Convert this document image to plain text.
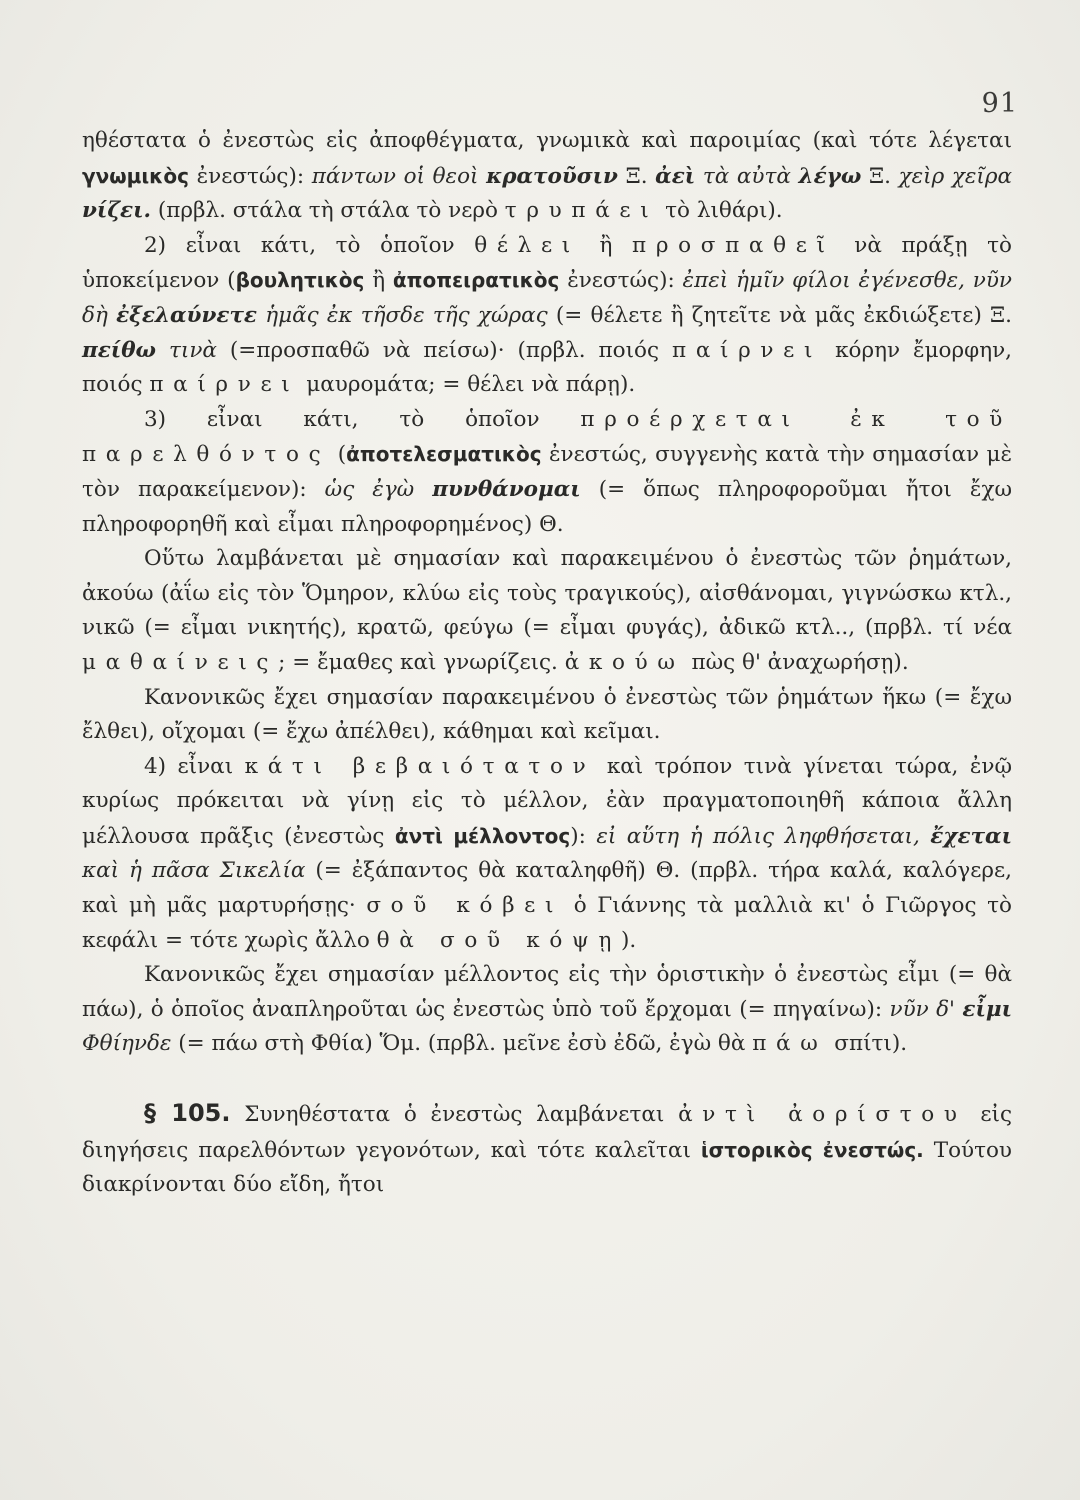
91

ηθέστατα ὁ ἐνεστὼς εἰς ἀποφθέγματα, γνωμικὰ καὶ παροιμίας (καὶ τότε λέγεται γνωμικὸς ἐνεστώς): πάντων οἱ θεοὶ κρατοῦσιν Ξ. ἀεὶ τὰ αὐτὰ λέγω Ξ. χεὶρ χεῖρα νίζει. (πρβλ. στάλα τὴ στάλα τὸ νερὸ τρυπάει τὸ λιθάρι).

2) εἶναι κάτι, τὸ ὁποῖον θέλει ἢ προσπαθεῖ νὰ πράξῃ τὸ ὑποκείμενον (βουλητικὸς ἢ ἀποπειρατικὸς ἐνεστώς): ἐπεὶ ἡμῖν φίλοι ἐγένεσθε, νῦν δὴ ἐξελαύνετε ἡμᾶς ἐκ τῆσδε τῆς χώρας (= θέλετε ἢ ζητεῖτε νὰ μᾶς ἐκδιώξετε) Ξ. πείθω τινὰ (=προσπαθῶ νὰ πείσω)· (πρβλ. ποιός παίρνει κόρην ἔμορφην, ποιός παίρνει μαυρομάτα; = θέλει νὰ πάρῃ).

3) εἶναι κάτι, τὸ ὁποῖον προέρχεται ἐκ τοῦ παρελθόντος (ἀποτελεσματικὸς ἐνεστώς, συγγενὴς κατὰ τὴν σημασίαν μὲ τὸν παρακείμενον): ὡς ἐγὼ πυνθάνομαι (= ὅπως πληροφοροῦμαι ἤτοι ἔχω πληροφορηθῆ καὶ εἶμαι πληροφορημένος) Θ.

Οὕτω λαμβάνεται μὲ σημασίαν καὶ παρακειμένου ὁ ἐνεστὼς τῶν ῥημάτων, ἀκούω (ἀΐω εἰς τὸν Ὅμηρον, κλύω εἰς τοὺς τραγικούς), αἰσθάνομαι, γιγνώσκω κτλ., νικῶ (= εἶμαι νικητής), κρατῶ, φεύγω (= εἶμαι φυγάς), ἀδικῶ κτλ.., (πρβλ. τί νέα μαθαίνεις; = ἔμαθες καὶ γνωρίζεις. ἀκούω πὼς θ' ἀναχωρήσῃ).

Κανονικῶς ἔχει σημασίαν παρακειμένου ὁ ἐνεστὼς τῶν ῥημάτων ἥκω (= ἔχω ἔλθει), οἴχομαι (= ἔχω ἀπέλθει), κάθημαι καὶ κεῖμαι.

4) εἶναι κάτι βεβαιότατον καὶ τρόπον τινὰ γίνεται τώρα, ἐνῷ κυρίως πρόκειται νὰ γίνῃ εἰς τὸ μέλλον, ἐὰν πραγματοποιηθῆ κάποια ἄλλη μέλλουσα πρᾶξις (ἐνεστὼς ἀντὶ μέλλοντος): εἰ αὕτη ἡ πόλις ληφθήσεται, ἔχεται καὶ ἡ πᾶσα Σικελία (= ἐξάπαντος θὰ καταληφθῆ) Θ. (πρβλ. τήρα καλά, καλόγερε, καὶ μὴ μᾶς μαρτυρήσῃς· σοῦ κόβει ὁ Γιάννης τὰ μαλλιὰ κι' ὁ Γιῶργος τὸ κεφάλι = τότε χωρὶς ἄλλο θὰ σοῦ κόψῃ).

Κανονικῶς ἔχει σημασίαν μέλλοντος εἰς τὴν ὁριστικὴν ὁ ἐνεστὼς εἶμι (= θὰ πάω), ὁ ὁποῖος ἀναπληροῦται ὡς ἐνεστὼς ὑπὸ τοῦ ἔρχομαι (= πηγαίνω): νῦν δ' εἶμι Φθίηνδε (= πάω στὴ Φθία) Ὅμ. (πρβλ. μεῖνε ἐσὺ ἐδῶ, ἐγὼ θὰ πάω σπίτι).

§ 105. Συνηθέστατα ὁ ἐνεστὼς λαμβάνεται ἀντὶ ἀορίστου εἰς διηγήσεις παρελθόντων γεγονότων, καὶ τότε καλεῖται ἱστορικὸς ἐνεστώς. Τούτου διακρίνονται δύο εἴδη, ἤτοι
